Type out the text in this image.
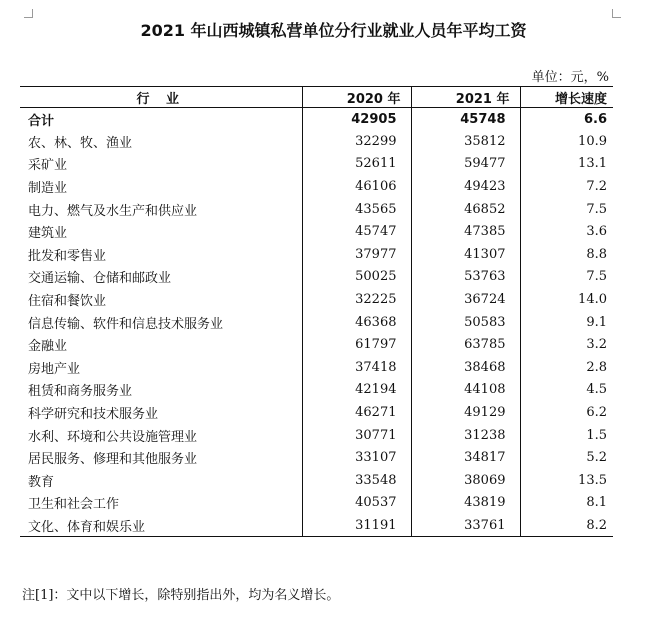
2021 年山西城镇私营单位分行业就业人员年平均工资
单位：元，%
行 业	2020 年	2021 年	增长速度
合计	42905	45748	6.6
农、林、牧、渔业	32299	35812	10.9
采矿业	52611	59477	13.1
制造业	46106	49423	7.2
电力、燃气及水生产和供应业	43565	46852	7.5
建筑业	45747	47385	3.6
批发和零售业	37977	41307	8.8
交通运输、仓储和邮政业	50025	53763	7.5
住宿和餐饮业	32225	36724	14.0
信息传输、软件和信息技术服务业	46368	50583	9.1
金融业	61797	63785	3.2
房地产业	37418	38468	2.8
租赁和商务服务业	42194	44108	4.5
科学研究和技术服务业	46271	49129	6.2
水利、环境和公共设施管理业	30771	31238	1.5
居民服务、修理和其他服务业	33107	34817	5.2
教育	33548	38069	13.5
卫生和社会工作	40537	43819	8.1
文化、体育和娱乐业	31191	33761	8.2
注[1]：文中以下增长，除特别指出外，均为名义增长。
